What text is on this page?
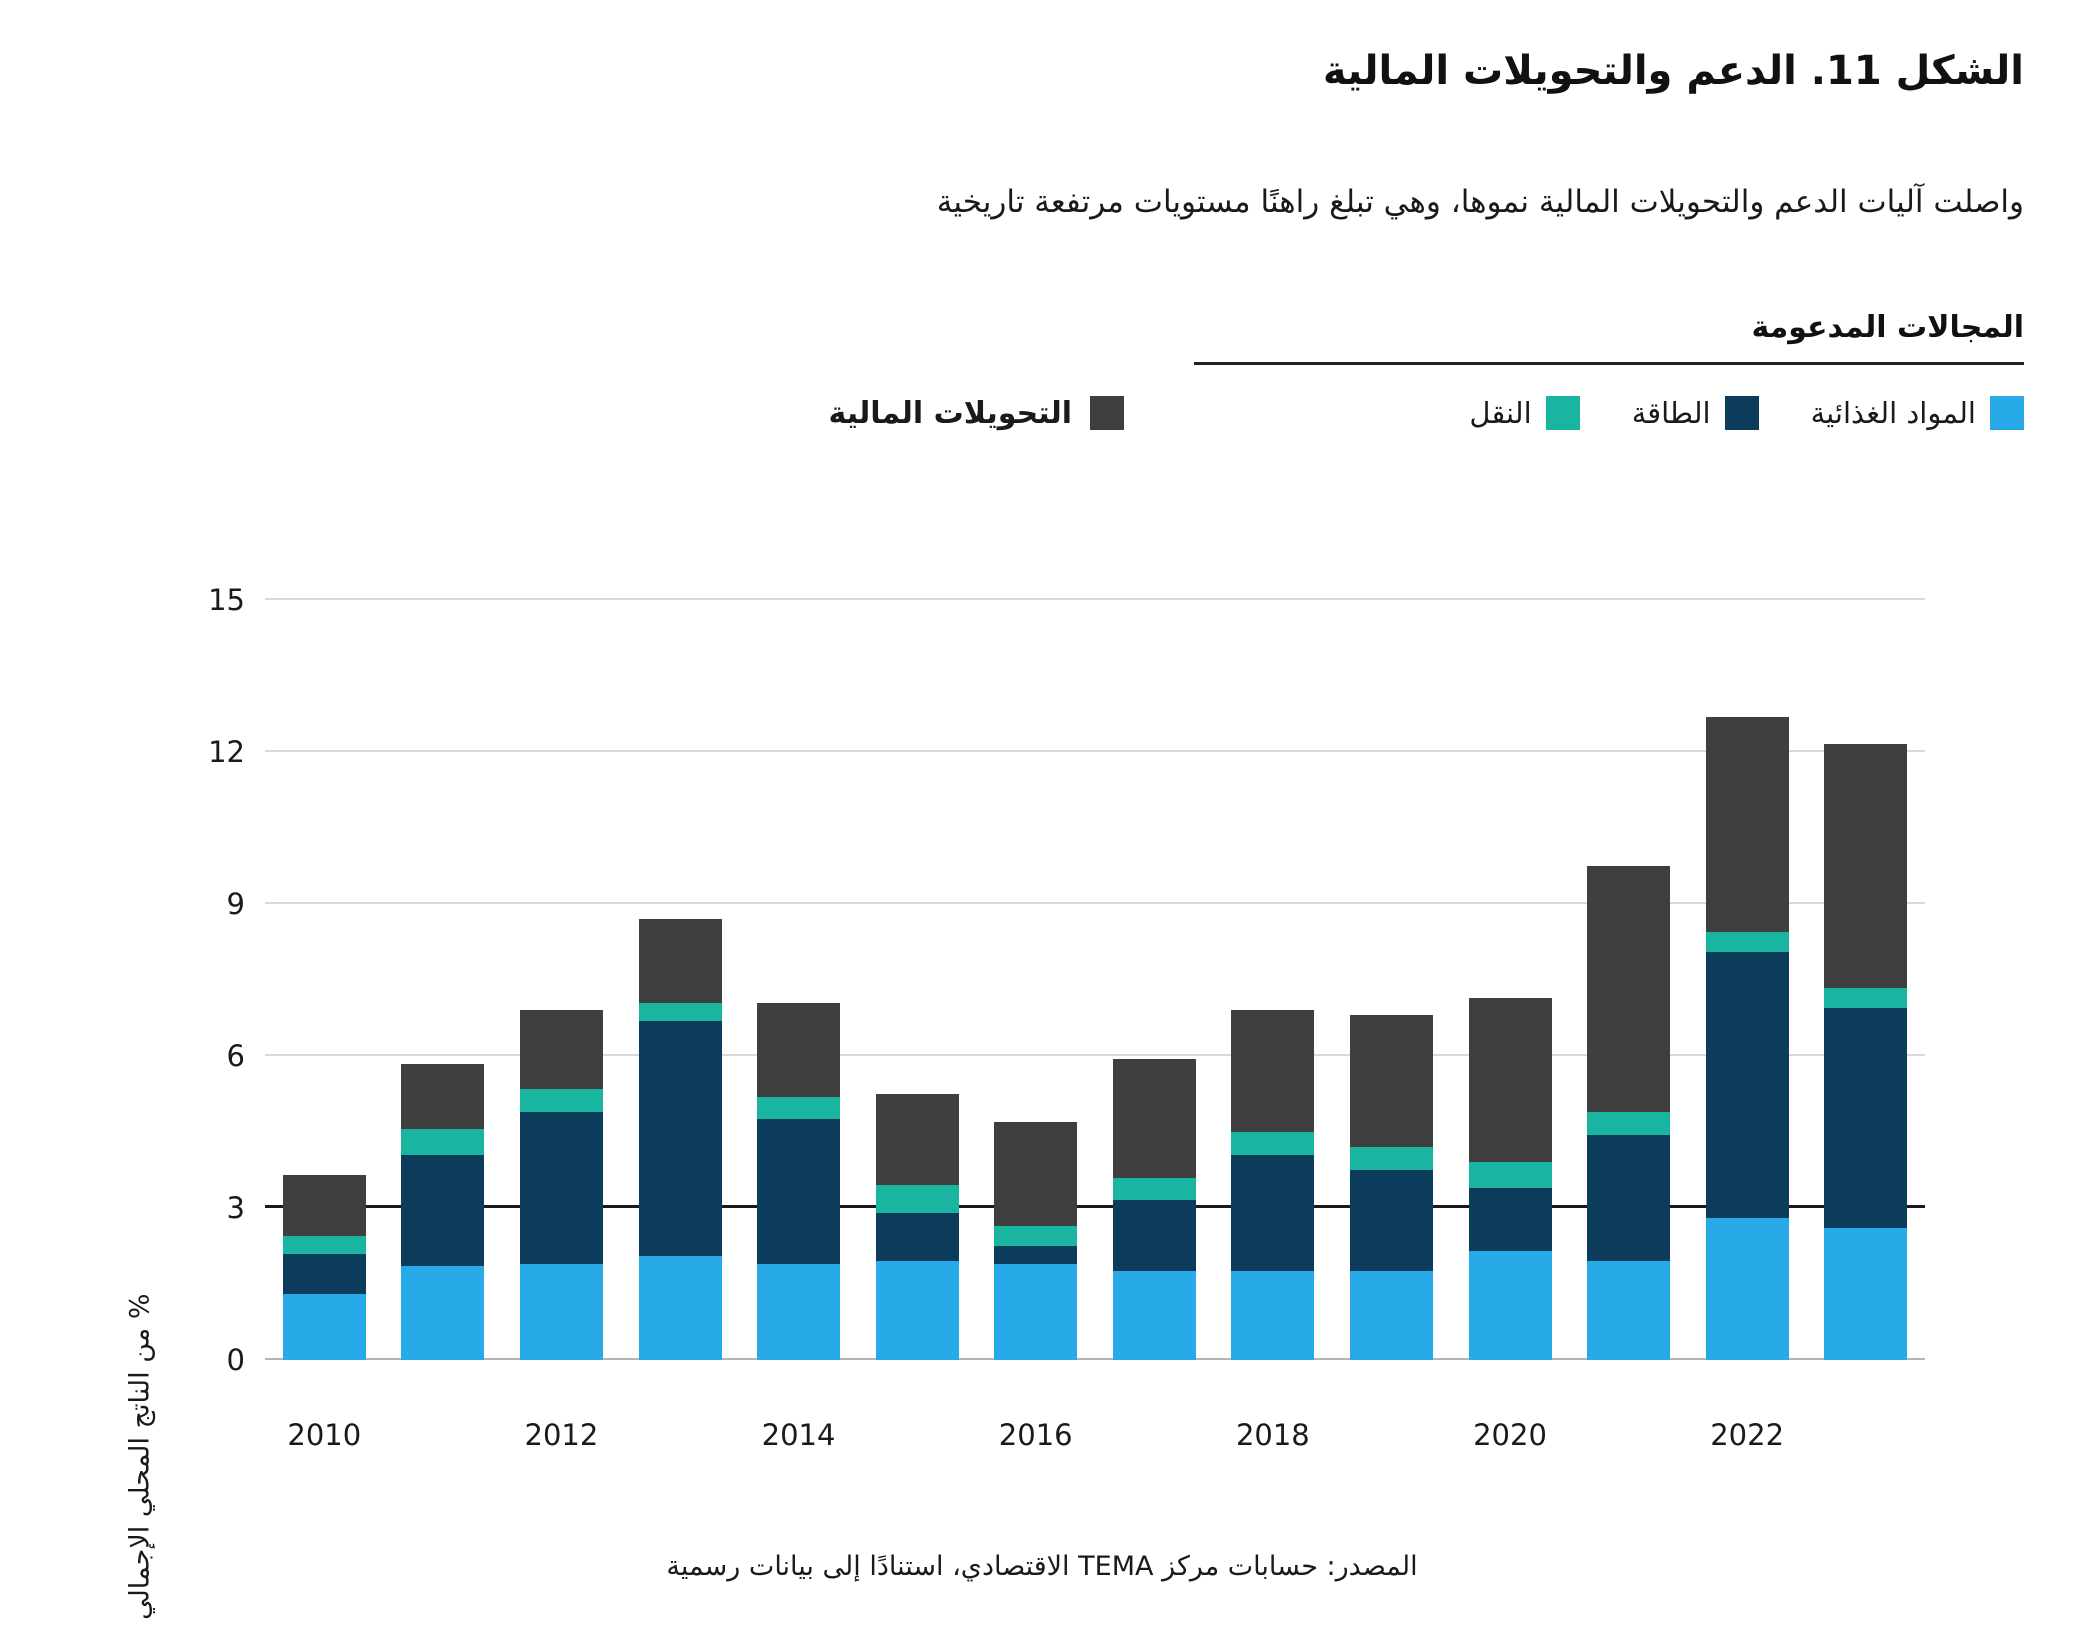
الشكل 11. الدعم والتحويلات المالية
واصلت آليات الدعم والتحويلات المالية نموها، وهي تبلغ راهنًا مستويات مرتفعة تاريخية
المجالات المدعومة
المواد الغذائية
الطاقة
النقل
التحويلات المالية
% من الناتج المحلي الإجمالي	0
3
6
9
12
15
2010	2012	2014	2016	2018	2020	2022
المصدر: حسابات مركز TEMA الاقتصادي، استنادًا إلى بيانات رسمية
